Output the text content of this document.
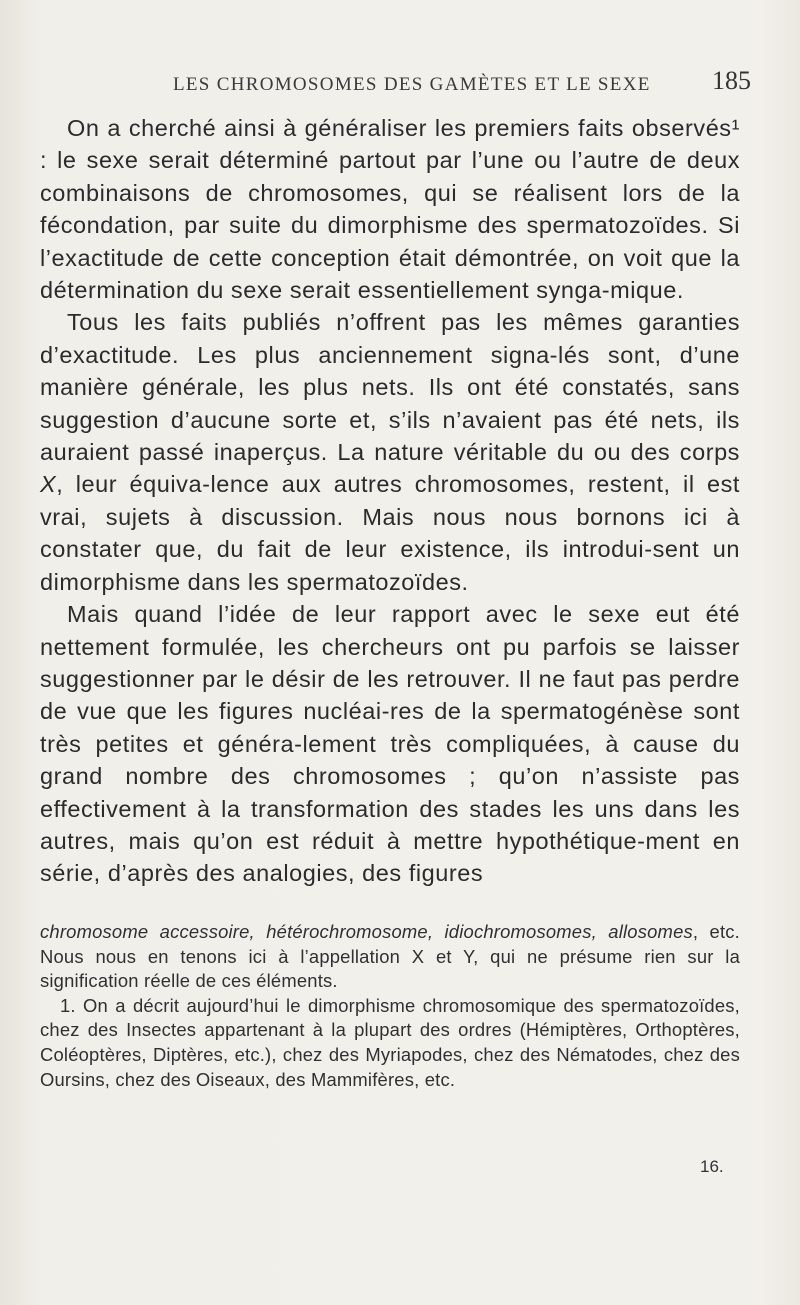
LES CHROMOSOMES DES GAMÈTES ET LE SEXE 185

On a cherché ainsi à généraliser les premiers faits observés¹ : le sexe serait déterminé partout par l’une ou l’autre de deux combinaisons de chromosomes, qui se réalisent lors de la fécondation, par suite du dimorphisme des spermatozoïdes. Si l’exactitude de cette conception était démontrée, on voit que la détermination du sexe serait essentiellement synga-mique.

Tous les faits publiés n’offrent pas les mêmes garanties d’exactitude. Les plus anciennement signa-lés sont, d’une manière générale, les plus nets. Ils ont été constatés, sans suggestion d’aucune sorte et, s’ils n’avaient pas été nets, ils auraient passé inaperçus. La nature véritable du ou des corps X, leur équiva-lence aux autres chromosomes, restent, il est vrai, sujets à discussion. Mais nous nous bornons ici à constater que, du fait de leur existence, ils introdui-sent un dimorphisme dans les spermatozoïdes.

Mais quand l’idée de leur rapport avec le sexe eut été nettement formulée, les chercheurs ont pu parfois se laisser suggestionner par le désir de les retrouver. Il ne faut pas perdre de vue que les figures nucléai-res de la spermatogénèse sont très petites et généra-lement très compliquées, à cause du grand nombre des chromosomes ; qu’on n’assiste pas effectivement à la transformation des stades les uns dans les autres, mais qu’on est réduit à mettre hypothétique-ment en série, d’après des analogies, des figures

chromosome accessoire, hétérochromosome, idiochromosomes, allosomes, etc. Nous nous en tenons ici à l’appellation X et Y, qui ne présume rien sur la signification réelle de ces éléments.

1. On a décrit aujourd’hui le dimorphisme chromosomique des spermatozoïdes, chez des Insectes appartenant à la plupart des ordres (Hémiptères, Orthoptères, Coléoptères, Diptères, etc.), chez des Myriapodes, chez des Nématodes, chez des Oursins, chez des Oiseaux, des Mammifères, etc.

16.
